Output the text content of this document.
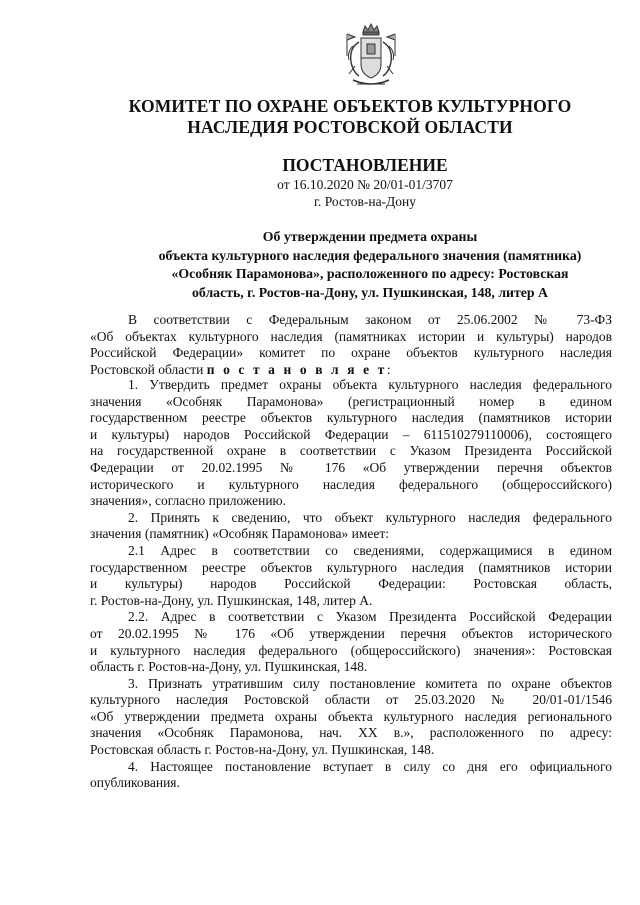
КОМИТЕТ ПО ОХРАНЕ ОБЪЕКТОВ КУЛЬТУРНОГО
НАСЛЕДИЯ РОСТОВСКОЙ ОБЛАСТИ
ПОСТАНОВЛЕНИЕ
от 16.10.2020 № 20/01-01/3707
г. Ростов-на-Дону
Об утверждении предмета охраны
объекта культурного наследия федерального значения (памятника)
«Особняк Парамонова», расположенного по адресу: Ростовская
область, г. Ростов-на-Дону, ул. Пушкинская, 148, литер А
В соответствии с Федеральным законом от 25.06.2002 № 73-ФЗ
«Об объектах культурного наследия (памятниках истории и культуры) народов
Российской Федерации» комитет по охране объектов культурного наследия
Ростовской области п о с т а н о в л я е т:
1. Утвердить предмет охраны объекта культурного наследия федерального
значения «Особняк Парамонова» (регистрационный номер в едином
государственном реестре объектов культурного наследия (памятников истории
и культуры) народов Российской Федерации – 611510279110006), состоящего
на государственной охране в соответствии с Указом Президента Российской
Федерации от 20.02.1995 № 176 «Об утверждении перечня объектов
исторического и культурного наследия федерального (общероссийского)
значения», согласно приложению.
2. Принять к сведению, что объект культурного наследия федерального
значения (памятник) «Особняк Парамонова» имеет:
2.1 Адрес в соответствии со сведениями, содержащимися в едином
государственном реестре объектов культурного наследия (памятников истории
и культуры) народов Российской Федерации: Ростовская область,
г. Ростов-на-Дону, ул. Пушкинская, 148, литер А.
2.2. Адрес в соответствии с Указом Президента Российской Федерации
от 20.02.1995 № 176 «Об утверждении перечня объектов исторического
и культурного наследия федерального (общероссийского) значения»: Ростовская
область г. Ростов-на-Дону, ул. Пушкинская, 148.
3. Признать утратившим силу постановление комитета по охране объектов
культурного наследия Ростовской области от 25.03.2020 № 20/01-01/1546
«Об утверждении предмета охраны объекта культурного наследия регионального
значения «Особняк Парамонова, нач. XX в.», расположенного по адресу:
Ростовская область г. Ростов-на-Дону, ул. Пушкинская, 148.
4. Настоящее постановление вступает в силу со дня его официального
опубликования.
